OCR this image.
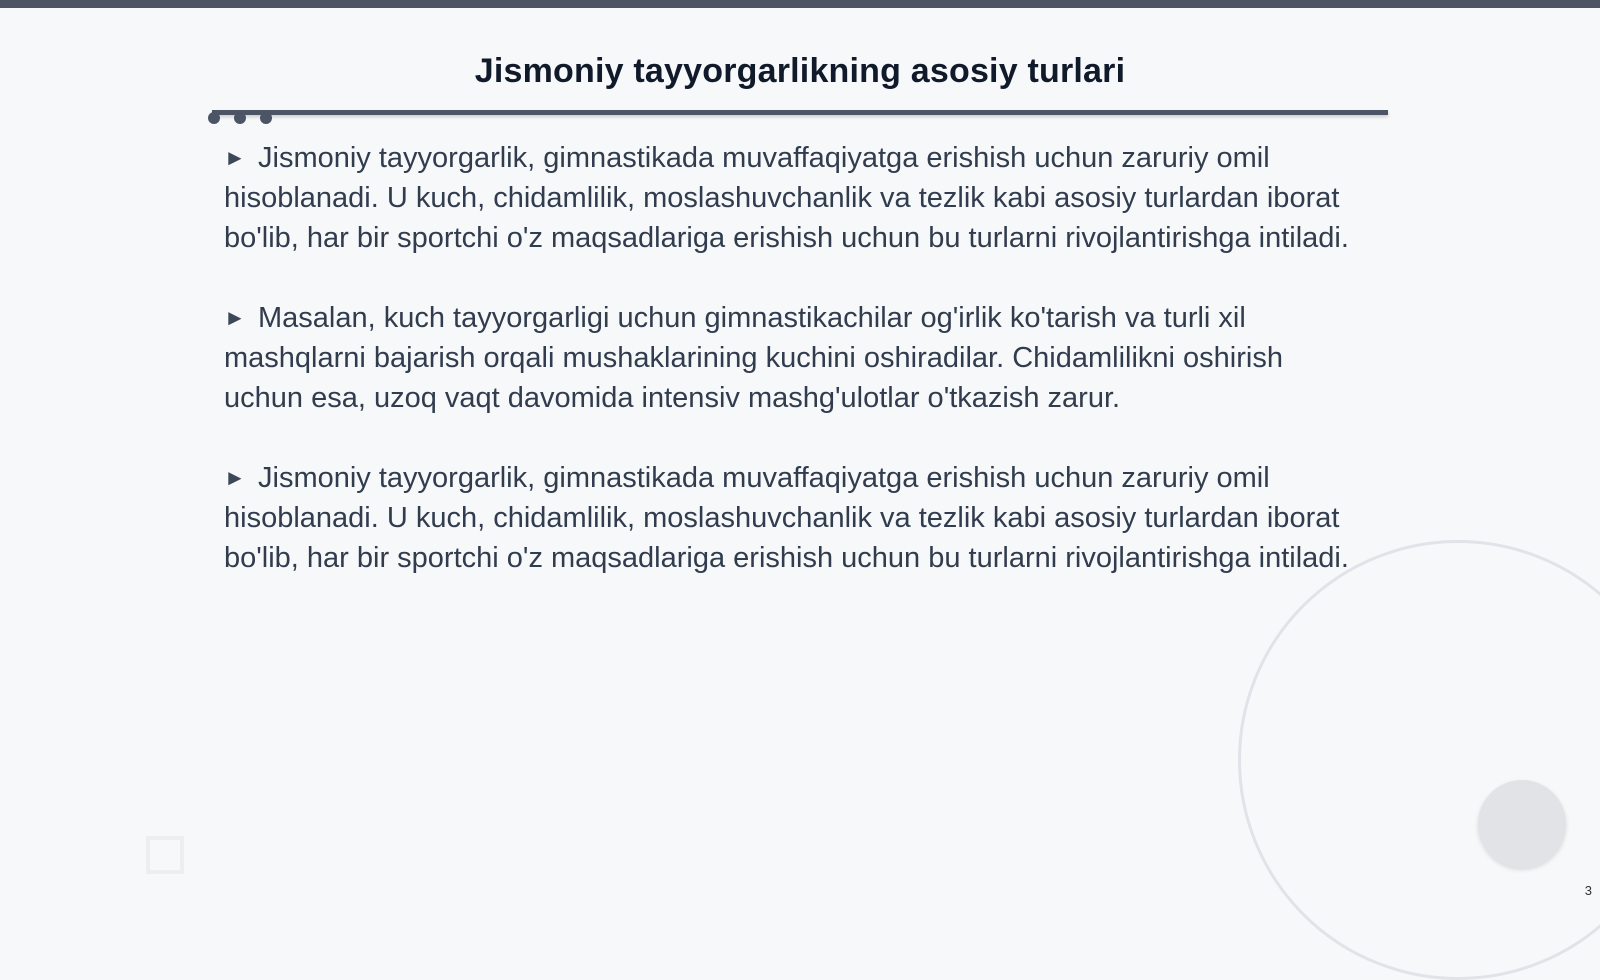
Jismoniy tayyorgarlikning asosiy turlari

► Jismoniy tayyorgarlik, gimnastikada muvaffaqiyatga erishish uchun zaruriy omil hisoblanadi. U kuch, chidamlilik, moslashuvchanlik va tezlik kabi asosiy turlardan iborat bo'lib, har bir sportchi o'z maqsadlariga erishish uchun bu turlarni rivojlantirishga intiladi.

► Masalan, kuch tayyorgarligi uchun gimnastikachilar og'irlik ko'tarish va turli xil mashqlarni bajarish orqali mushaklarining kuchini oshiradilar. Chidamlilikni oshirish uchun esa, uzoq vaqt davomida intensiv mashg'ulotlar o'tkazish zarur.

► Jismoniy tayyorgarlik, gimnastikada muvaffaqiyatga erishish uchun zaruriy omil hisoblanadi. U kuch, chidamlilik, moslashuvchanlik va tezlik kabi asosiy turlardan iborat bo'lib, har bir sportchi o'z maqsadlariga erishish uchun bu turlarni rivojlantirishga intiladi.

3
